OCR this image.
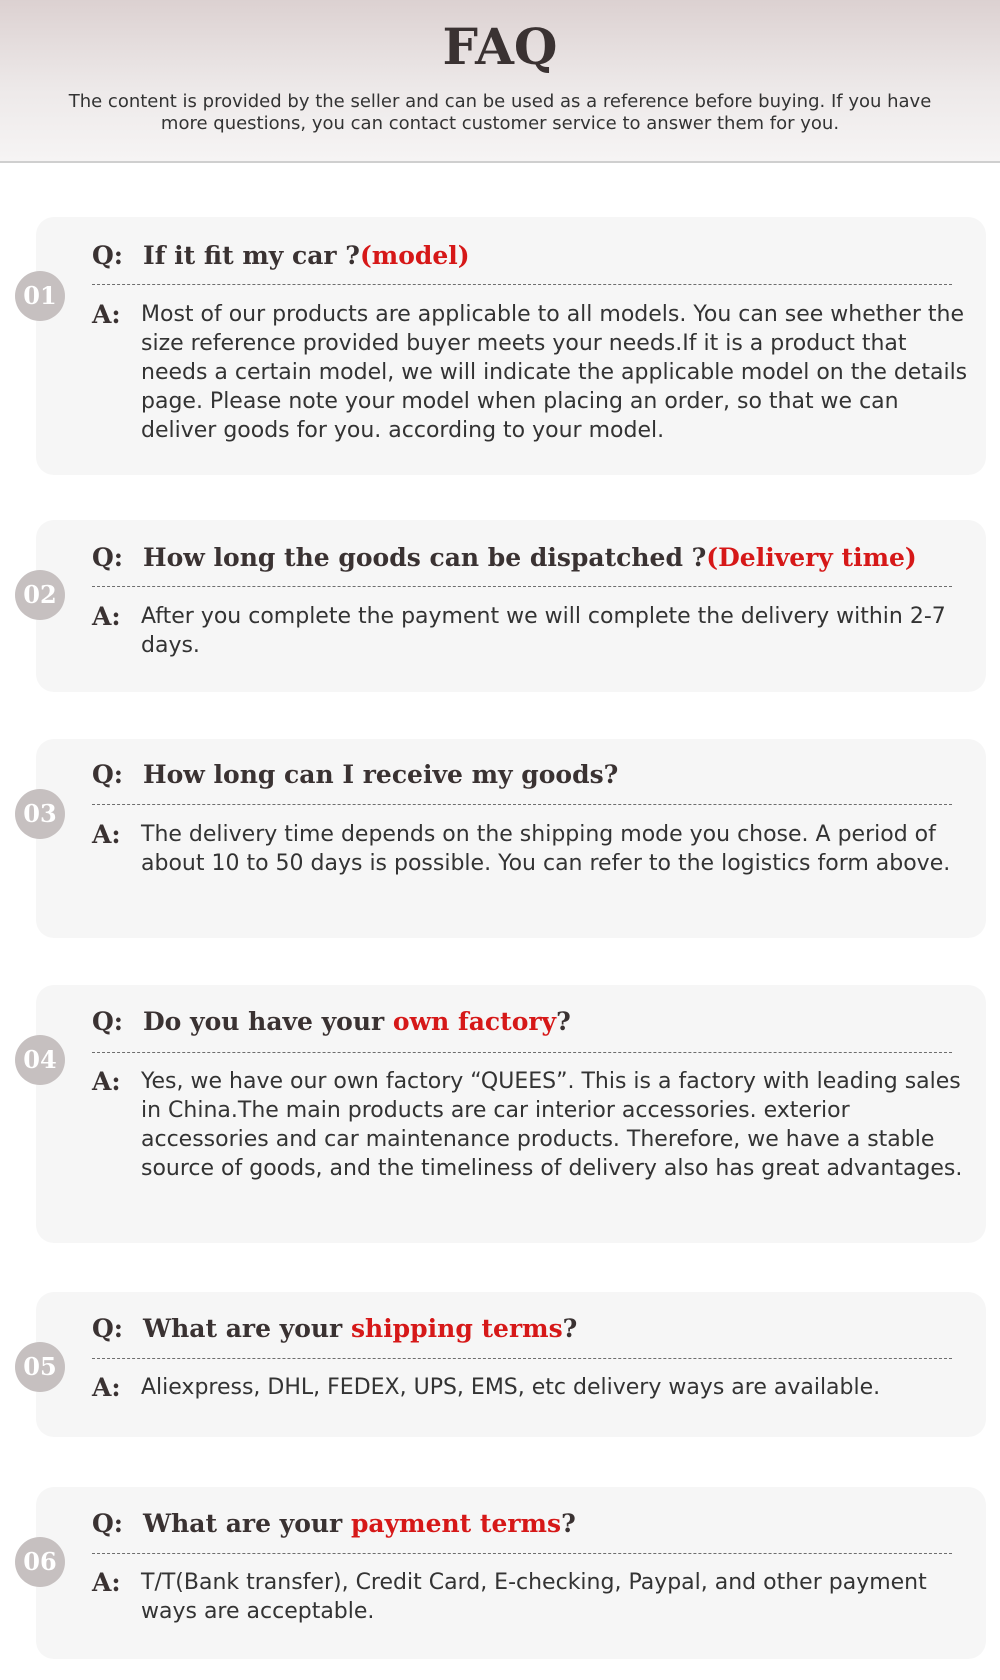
FAQ

The content is provided by the seller and can be used as a reference before buying. If you have more questions, you can contact customer service to answer them for you.

01
Q: If it fit my car ?(model)
A: Most of our products are applicable to all models. You can see whether the size reference provided buyer meets your needs.If it is a product that needs a certain model, we will indicate the applicable model on the details page. Please note your model when placing an order, so that we can deliver goods for you. according to your model.

02
Q: How long the goods can be dispatched ?(Delivery time)
A: After you complete the payment we will complete the delivery within 2-7 days.

03
Q: How long can I receive my goods?
A: The delivery time depends on the shipping mode you chose. A period of about 10 to 50 days is possible. You can refer to the logistics form above.

04
Q: Do you have your own factory?
A: Yes, we have our own factory “QUEES”. This is a factory with leading sales in China.The main products are car interior accessories. exterior accessories and car maintenance products. Therefore, we have a stable source of goods, and the timeliness of delivery also has great advantages.

05
Q: What are your shipping terms?
A: Aliexpress, DHL, FEDEX, UPS, EMS, etc delivery ways are available.

06
Q: What are your payment terms?
A: T/T(Bank transfer), Credit Card, E-checking, Paypal, and other payment ways are acceptable.
